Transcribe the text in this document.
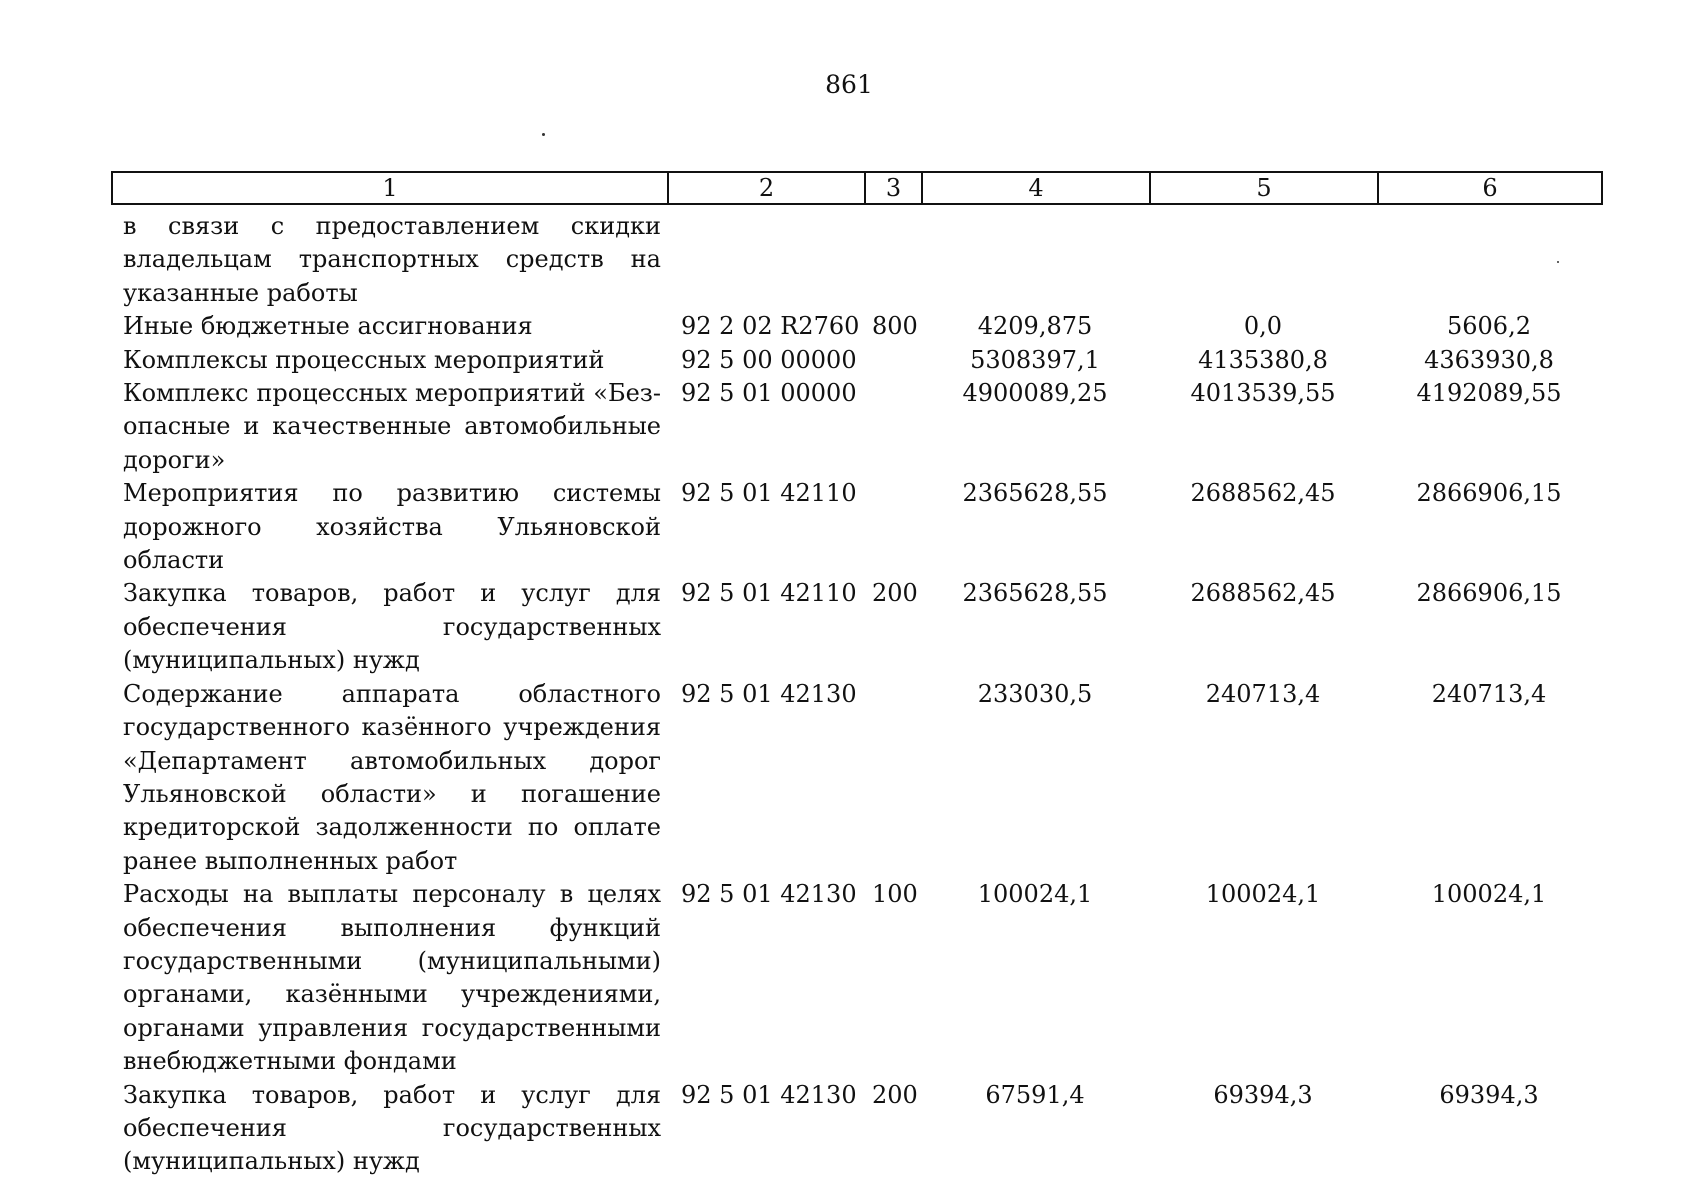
861
1	2	3	4	5	6
в связи с предоставлением скидки владельцам транспортных средств на указанные работы					
Иные бюджетные ассигнования	92 2 02 R2760	800	4209,875	0,0	5606,2
Комплексы процессных мероприятий	92 5 00 00000		5308397,1	4135380,8	4363930,8
Комплекс процессных мероприятий «Безопасные и качественные автомобильные дороги»	92 5 01 00000		4900089,25	4013539,55	4192089,55
Мероприятия по развитию системы дорожного хозяйства Ульяновской области	92 5 01 42110		2365628,55	2688562,45	2866906,15
Закупка товаров, работ и услуг для обеспечения государственных (муниципальных) нужд	92 5 01 42110	200	2365628,55	2688562,45	2866906,15
Содержание аппарата областного государственного казённого учреждения «Департамент автомобильных дорог Ульяновской области» и погашение кредиторской задолженности по оплате ранее выполненных работ	92 5 01 42130		233030,5	240713,4	240713,4
Расходы на выплаты персоналу в целях обеспечения выполнения функций государственными (муниципальными) органами, казёнными учреждениями, органами управления государственными внебюджетными фондами	92 5 01 42130	100	100024,1	100024,1	100024,1
Закупка товаров, работ и услуг для обеспечения государственных (муниципальных) нужд	92 5 01 42130	200	67591,4	69394,3	69394,3
